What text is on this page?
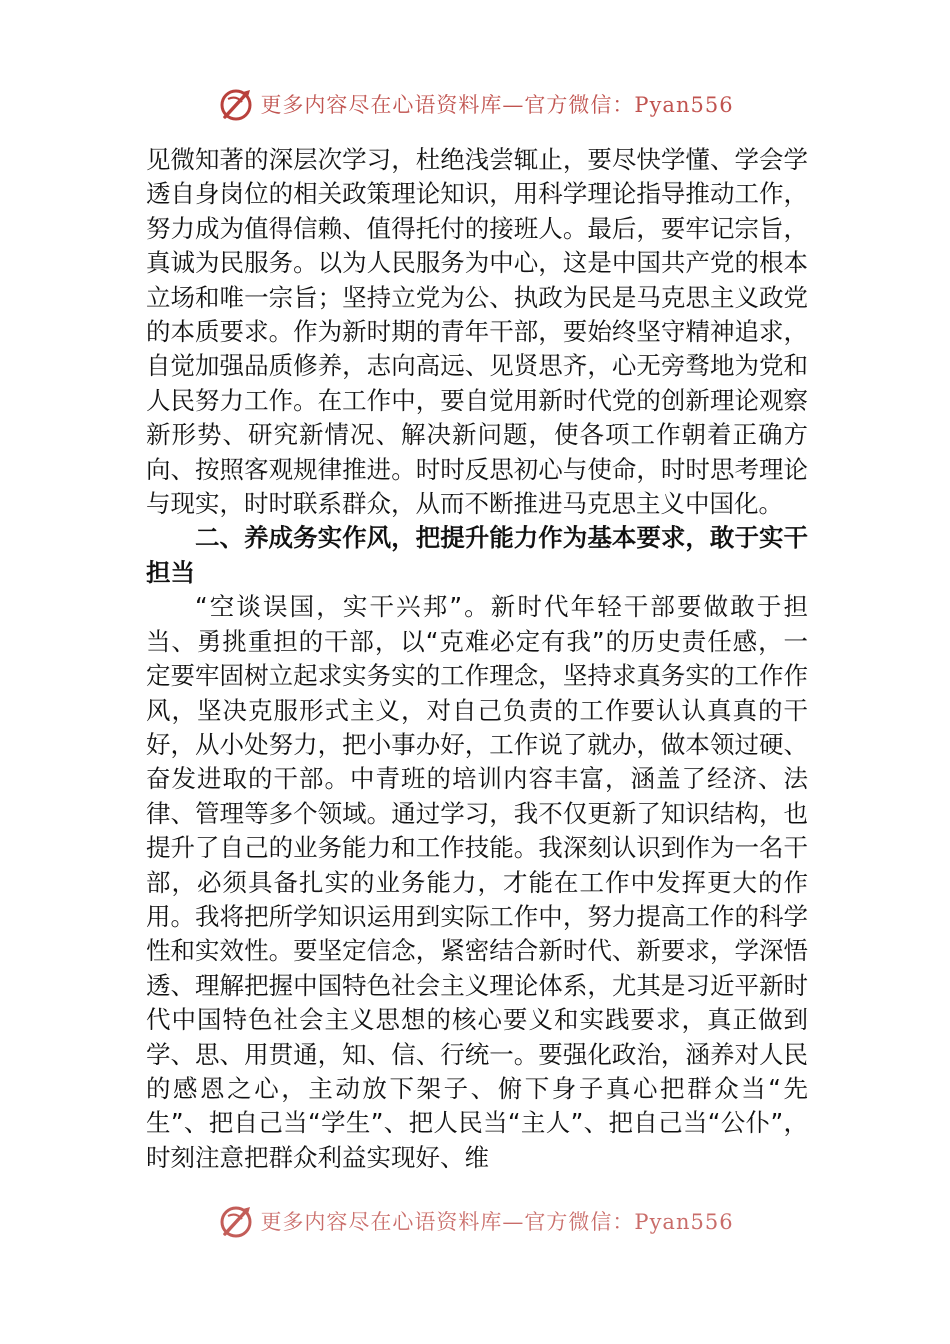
更多内容尽在心语资料库—官方微信：Pyan556

见微知著的深层次学习，杜绝浅尝辄止，要尽快学懂、学会学透自身岗位的相关政策理论知识，用科学理论指导推动工作，努力成为值得信赖、值得托付的接班人。最后，要牢记宗旨，真诚为民服务。以为人民服务为中心，这是中国共产党的根本立场和唯一宗旨；坚持立党为公、执政为民是马克思主义政党的本质要求。作为新时期的青年干部，要始终坚守精神追求，自觉加强品质修养，志向高远、见贤思齐，心无旁骛地为党和人民努力工作。在工作中，要自觉用新时代党的创新理论观察新形势、研究新情况、解决新问题，使各项工作朝着正确方向、按照客观规律推进。时时反思初心与使命，时时思考理论与现实，时时联系群众，从而不断推进马克思主义中国化。

二、养成务实作风，把提升能力作为基本要求，敢于实干担当

“空谈误国，实干兴邦”。新时代年轻干部要做敢于担当、勇挑重担的干部，以“克难必定有我”的历史责任感，一定要牢固树立起求实务实的工作理念，坚持求真务实的工作作风，坚决克服形式主义，对自己负责的工作要认认真真的干好，从小处努力，把小事办好，工作说了就办，做本领过硬、奋发进取的干部。中青班的培训内容丰富，涵盖了经济、法律、管理等多个领域。通过学习，我不仅更新了知识结构，也提升了自己的业务能力和工作技能。我深刻认识到作为一名干部，必须具备扎实的业务能力，才能在工作中发挥更大的作用。我将把所学知识运用到实际工作中，努力提高工作的科学性和实效性。要坚定信念，紧密结合新时代、新要求，学深悟透、理解把握中国特色社会主义理论体系，尤其是习近平新时代中国特色社会主义思想的核心要义和实践要求，真正做到学、思、用贯通，知、信、行统一。要强化政治，涵养对人民的感恩之心，主动放下架子、俯下身子真心把群众当“先生”、把自己当“学生”、把人民当“主人”、把自己当“公仆”，时刻注意把群众利益实现好、维

更多内容尽在心语资料库—官方微信：Pyan556
